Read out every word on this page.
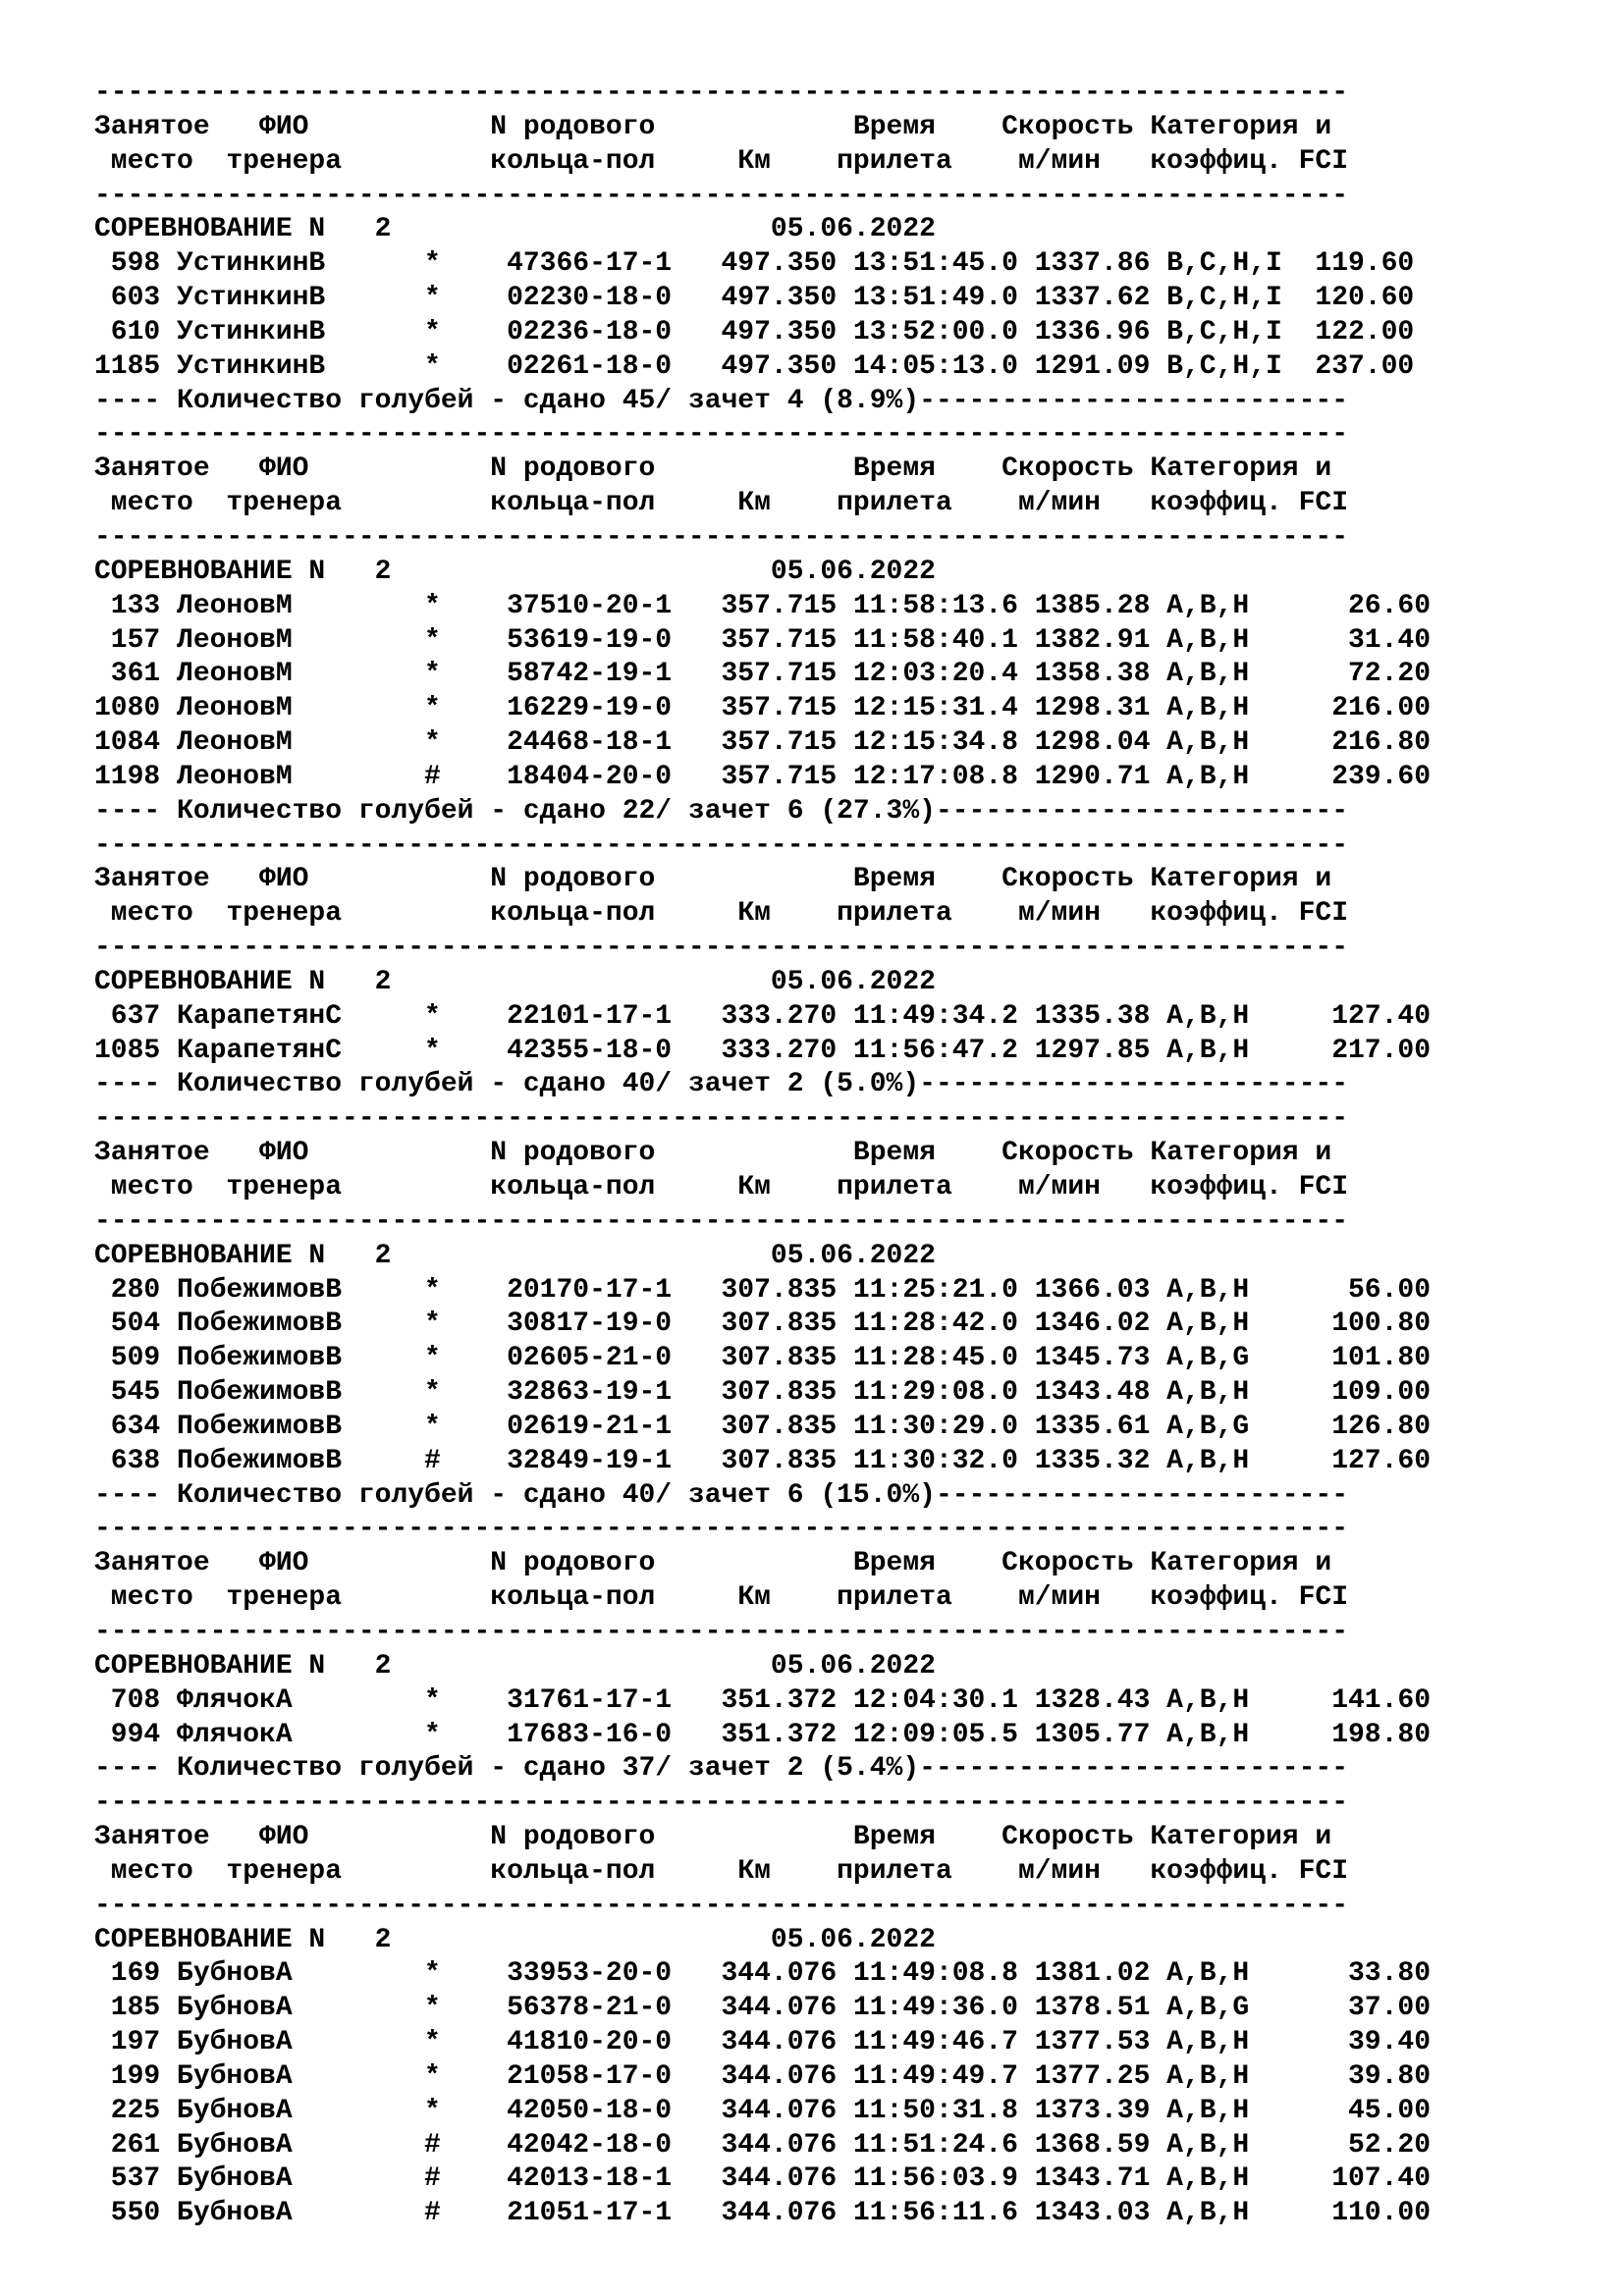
----------------------------------------------------------------------------
Занятое   ФИО           N родового            Время    Скорость Категория и
место  тренера         кольца-пол     Км    прилета    м/мин   коэффиц. FCI
----------------------------------------------------------------------------
СОРЕВНОВАНИЕ N   2                       05.06.2022
598 УстинкинВ      *    47366-17-1   497.350 13:51:45.0 1337.86 B,C,H,I  119.60
603 УстинкинВ      *    02230-18-0   497.350 13:51:49.0 1337.62 B,C,H,I  120.60
610 УстинкинВ      *    02236-18-0   497.350 13:52:00.0 1336.96 B,C,H,I  122.00
1185 УстинкинВ      *    02261-18-0   497.350 14:05:13.0 1291.09 B,C,H,I  237.00
---- Количество голубей - сдано 45/ зачет 4 (8.9%)--------------------------
----------------------------------------------------------------------------
Занятое   ФИО           N родового            Время    Скорость Категория и
место  тренера         кольца-пол     Км    прилета    м/мин   коэффиц. FCI
----------------------------------------------------------------------------
СОРЕВНОВАНИЕ N   2                       05.06.2022
133 ЛеоновМ        *    37510-20-1   357.715 11:58:13.6 1385.28 A,B,H      26.60
157 ЛеоновМ        *    53619-19-0   357.715 11:58:40.1 1382.91 A,B,H      31.40
361 ЛеоновМ        *    58742-19-1   357.715 12:03:20.4 1358.38 A,B,H      72.20
1080 ЛеоновМ        *    16229-19-0   357.715 12:15:31.4 1298.31 A,B,H     216.00
1084 ЛеоновМ        *    24468-18-1   357.715 12:15:34.8 1298.04 A,B,H     216.80
1198 ЛеоновМ        #    18404-20-0   357.715 12:17:08.8 1290.71 A,B,H     239.60
---- Количество голубей - сдано 22/ зачет 6 (27.3%)-------------------------
----------------------------------------------------------------------------
Занятое   ФИО           N родового            Время    Скорость Категория и
место  тренера         кольца-пол     Км    прилета    м/мин   коэффиц. FCI
----------------------------------------------------------------------------
СОРЕВНОВАНИЕ N   2                       05.06.2022
637 КарапетянС     *    22101-17-1   333.270 11:49:34.2 1335.38 A,B,H     127.40
1085 КарапетянС     *    42355-18-0   333.270 11:56:47.2 1297.85 A,B,H     217.00
---- Количество голубей - сдано 40/ зачет 2 (5.0%)--------------------------
----------------------------------------------------------------------------
Занятое   ФИО           N родового            Время    Скорость Категория и
место  тренера         кольца-пол     Км    прилета    м/мин   коэффиц. FCI
----------------------------------------------------------------------------
СОРЕВНОВАНИЕ N   2                       05.06.2022
280 ПобежимовВ     *    20170-17-1   307.835 11:25:21.0 1366.03 A,B,H      56.00
504 ПобежимовВ     *    30817-19-0   307.835 11:28:42.0 1346.02 A,B,H     100.80
509 ПобежимовВ     *    02605-21-0   307.835 11:28:45.0 1345.73 A,B,G     101.80
545 ПобежимовВ     *    32863-19-1   307.835 11:29:08.0 1343.48 A,B,H     109.00
634 ПобежимовВ     *    02619-21-1   307.835 11:30:29.0 1335.61 A,B,G     126.80
638 ПобежимовВ     #    32849-19-1   307.835 11:30:32.0 1335.32 A,B,H     127.60
---- Количество голубей - сдано 40/ зачет 6 (15.0%)-------------------------
----------------------------------------------------------------------------
Занятое   ФИО           N родового            Время    Скорость Категория и
место  тренера         кольца-пол     Км    прилета    м/мин   коэффиц. FCI
----------------------------------------------------------------------------
СОРЕВНОВАНИЕ N   2                       05.06.2022
708 ФлячокА        *    31761-17-1   351.372 12:04:30.1 1328.43 A,B,H     141.60
994 ФлячокА        *    17683-16-0   351.372 12:09:05.5 1305.77 A,B,H     198.80
---- Количество голубей - сдано 37/ зачет 2 (5.4%)--------------------------
----------------------------------------------------------------------------
Занятое   ФИО           N родового            Время    Скорость Категория и
место  тренера         кольца-пол     Км    прилета    м/мин   коэффиц. FCI
----------------------------------------------------------------------------
СОРЕВНОВАНИЕ N   2                       05.06.2022
169 БубновА        *    33953-20-0   344.076 11:49:08.8 1381.02 A,B,H      33.80
185 БубновА        *    56378-21-0   344.076 11:49:36.0 1378.51 A,B,G      37.00
197 БубновА        *    41810-20-0   344.076 11:49:46.7 1377.53 A,B,H      39.40
199 БубновА        *    21058-17-0   344.076 11:49:49.7 1377.25 A,B,H      39.80
225 БубновА        *    42050-18-0   344.076 11:50:31.8 1373.39 A,B,H      45.00
261 БубновА        #    42042-18-0   344.076 11:51:24.6 1368.59 A,B,H      52.20
537 БубновА        #    42013-18-1   344.076 11:56:03.9 1343.71 A,B,H     107.40
550 БубновА        #    21051-17-1   344.076 11:56:11.6 1343.03 A,B,H     110.00
